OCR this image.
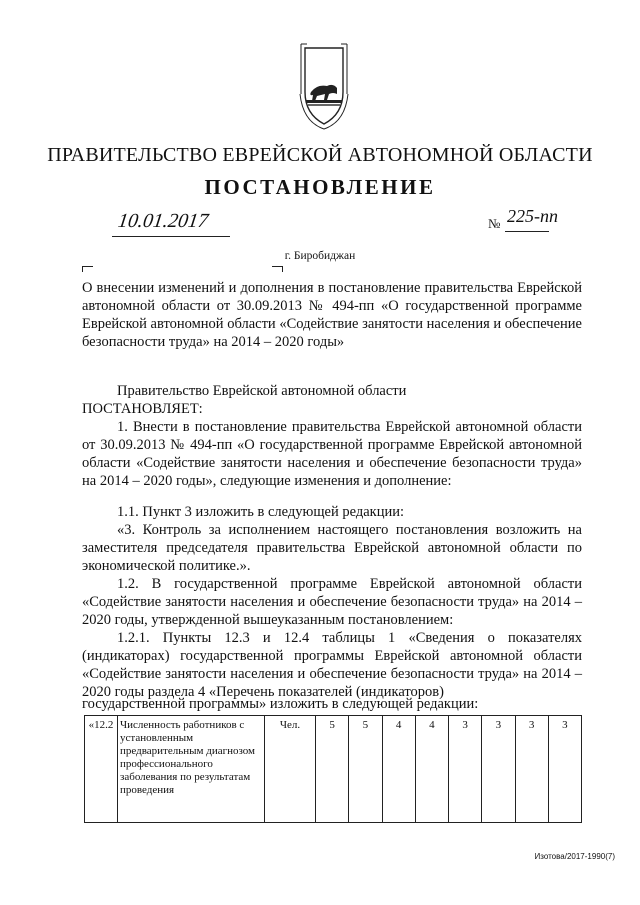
ПРАВИТЕЛЬСТВО ЕВРЕЙСКОЙ АВТОНОМНОЙ ОБЛАСТИ
ПОСТАНОВЛЕНИЕ
10.01.2017	№ 225-пп
г. Биробиджан
О внесении изменений и дополнения в постановление правительства Еврейской автономной области от 30.09.2013 № 494-пп «О государственной программе Еврейской автономной области «Содействие занятости населения и обеспечение безопасности труда» на 2014 – 2020 годы»
Правительство Еврейской автономной области
ПОСТАНОВЛЯЕТ:
1. Внести в постановление правительства Еврейской автономной области от 30.09.2013 № 494-пп «О государственной программе Еврейской автономной области «Содействие занятости населения и обеспечение безопасности труда» на 2014 – 2020 годы», следующие изменения и дополнение:
1.1. Пункт 3 изложить в следующей редакции:
«3. Контроль за исполнением настоящего постановления возложить на заместителя председателя правительства Еврейской автономной области по экономической политике.».
1.2. В государственной программе Еврейской автономной области «Содействие занятости населения и обеспечение безопасности труда» на 2014 – 2020 годы, утвержденной вышеуказанным постановлением:
1.2.1. Пункты 12.3 и 12.4 таблицы 1 «Сведения о показателях (индикаторах) государственной программы Еврейской автономной области «Содействие занятости населения и обеспечение безопасности труда» на 2014 – 2020 годы раздела 4 «Перечень показателей (индикаторов)
государственной программы» изложить в следующей редакции:
«12.2	Численность работников с установленным предварительным диагнозом профессионального заболевания по результатам проведения	Чел.	5	5	4	4	3	3	3	3
Изотова/2017-1990(7)
